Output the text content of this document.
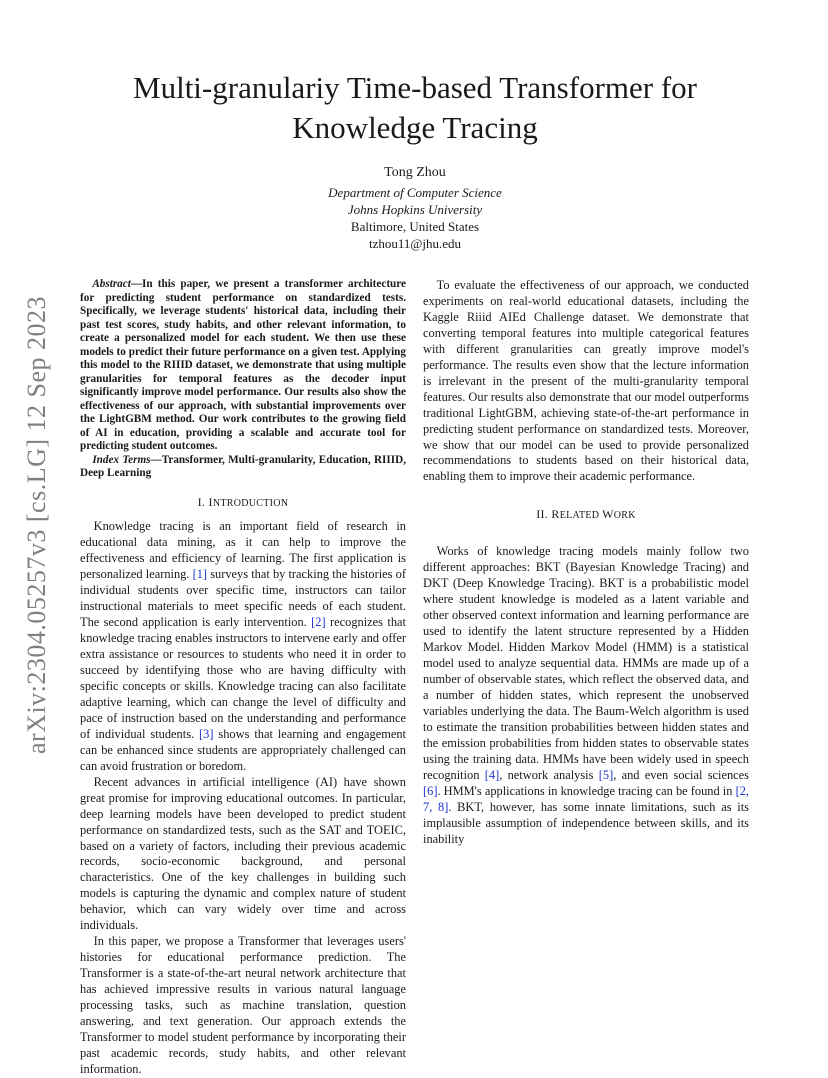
arXiv:2304.05257v3 [cs.LG] 12 Sep 2023
Multi-granulariy Time-based Transformer for
Knowledge Tracing
Tong Zhou
Department of Computer Science
Johns Hopkins University
Baltimore, United States
tzhou11@jhu.edu

Abstract—In this paper, we present a transformer architecture for predicting student performance on standardized tests. Specifically, we leverage students' historical data, including their past test scores, study habits, and other relevant information, to create a personalized model for each student. We then use these models to predict their future performance on a given test. Applying this model to the RIIID dataset, we demonstrate that using multiple granularities for temporal features as the decoder input significantly improve model performance. Our results also show the effectiveness of our approach, with substantial improvements over the LightGBM method. Our work contributes to the growing field of AI in education, providing a scalable and accurate tool for predicting student outcomes.

Index Terms—Transformer, Multi-granularity, Education, RIIID, Deep Learning

I. INTRODUCTION

Knowledge tracing is an important field of research in educational data mining, as it can help to improve the effectiveness and efficiency of learning. The first application is personalized learning. [1] surveys that by tracking the histories of individual students over specific time, instructors can tailor instructional materials to meet specific needs of each student. The second application is early intervention. [2] recognizes that knowledge tracing enables instructors to intervene early and offer extra assistance or resources to students who need it in order to succeed by identifying those who are having difficulty with specific concepts or skills. Knowledge tracing can also facilitate adaptive learning, which can change the level of difficulty and pace of instruction based on the understanding and performance of individual students. [3] shows that learning and engagement can be enhanced since students are appropriately challenged can can avoid frustration or boredom.

Recent advances in artificial intelligence (AI) have shown great promise for improving educational outcomes. In particular, deep learning models have been developed to predict student performance on standardized tests, such as the SAT and TOEIC, based on a variety of factors, including their previous academic records, socio-economic background, and personal characteristics. One of the key challenges in building such models is capturing the dynamic and complex nature of student behavior, which can vary widely over time and across individuals.

In this paper, we propose a Transformer that leverages users' histories for educational performance prediction. The Transformer is a state-of-the-art neural network architecture that has achieved impressive results in various natural language processing tasks, such as machine translation, question answering, and text generation. Our approach extends the Transformer to model student performance by incorporating their past academic records, study habits, and other relevant information.

To evaluate the effectiveness of our approach, we conducted experiments on real-world educational datasets, including the Kaggle Riiid AIEd Challenge dataset. We demonstrate that converting temporal features into multiple categorical features with different granularities can greatly improve model's performance. The results even show that the lecture information is irrelevant in the present of the multi-granularity temporal features. Our results also demonstrate that our model outperforms traditional LightGBM, achieving state-of-the-art performance in predicting student performance on standardized tests. Moreover, we show that our model can be used to provide personalized recommendations to students based on their historical data, enabling them to improve their academic performance.

II. RELATED WORK

Works of knowledge tracing models mainly follow two different approaches: BKT (Bayesian Knowledge Tracing) and DKT (Deep Knowledge Tracing). BKT is a probabilistic model where student knowledge is modeled as a latent variable and other observed context information and learning performance are used to identify the latent structure represented by a Hidden Markov Model. Hidden Markov Model (HMM) is a statistical model used to analyze sequential data. HMMs are made up of a number of observable states, which reflect the observed data, and a number of hidden states, which represent the unobserved variables underlying the data. The Baum-Welch algorithm is used to estimate the transition probabilities between hidden states and the emission probabilities from hidden states to observable states using the training data. HMMs have been widely used in speech recognition [4], network analysis [5], and even social sciences [6]. HMM's applications in knowledge tracing can be found in [2, 7, 8]. BKT, however, has some innate limitations, such as its implausible assumption of independence between skills, and its inability
